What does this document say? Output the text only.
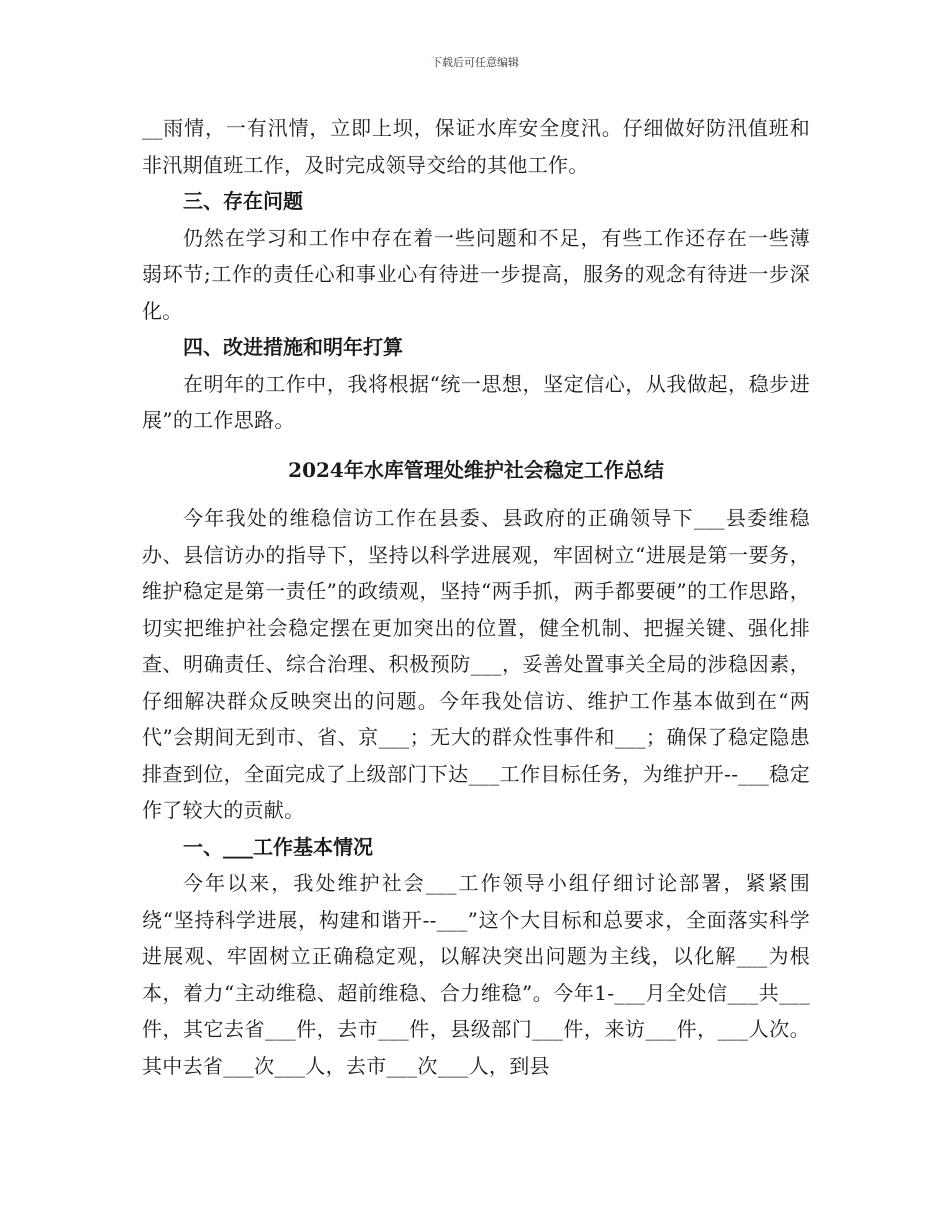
下载后可任意编辑

__雨情，一有汛情，立即上坝，保证水库安全度汛。仔细做好防汛值班和非汛期值班工作，及时完成领导交给的其他工作。

三、存在问题

仍然在学习和工作中存在着一些问题和不足，有些工作还存在一些薄弱环节;工作的责任心和事业心有待进一步提高，服务的观念有待进一步深化。

四、改进措施和明年打算

在明年的工作中，我将根据“统一思想，坚定信心，从我做起，稳步进展”的工作思路。

2024年水库管理处维护社会稳定工作总结

今年我处的维稳信访工作在县委、县政府的正确领导下___县委维稳办、县信访办的指导下，坚持以科学进展观，牢固树立“进展是第一要务，维护稳定是第一责任”的政绩观，坚持“两手抓，两手都要硬”的工作思路，切实把维护社会稳定摆在更加突出的位置，健全机制、把握关键、强化排查、明确责任、综合治理、积极预防___，妥善处置事关全局的涉稳因素，仔细解决群众反映突出的问题。今年我处信访、维护工作基本做到在“两代”会期间无到市、省、京___；无大的群众性事件和___；确保了稳定隐患排查到位，全面完成了上级部门下达___工作目标任务，为维护开--___稳定作了较大的贡献。

一、___工作基本情况

今年以来，我处维护社会___工作领导小组仔细讨论部署，紧紧围绕“坚持科学进展，构建和谐开--___”这个大目标和总要求，全面落实科学进展观、牢固树立正确稳定观，以解决突出问题为主线，以化解___为根本，着力“主动维稳、超前维稳、合力维稳”。今年1-___月全处信___共___件，其它去省___件，去市___件，县级部门___件，来访___件，___人次。其中去省___次___人，去市___次___人，到县
